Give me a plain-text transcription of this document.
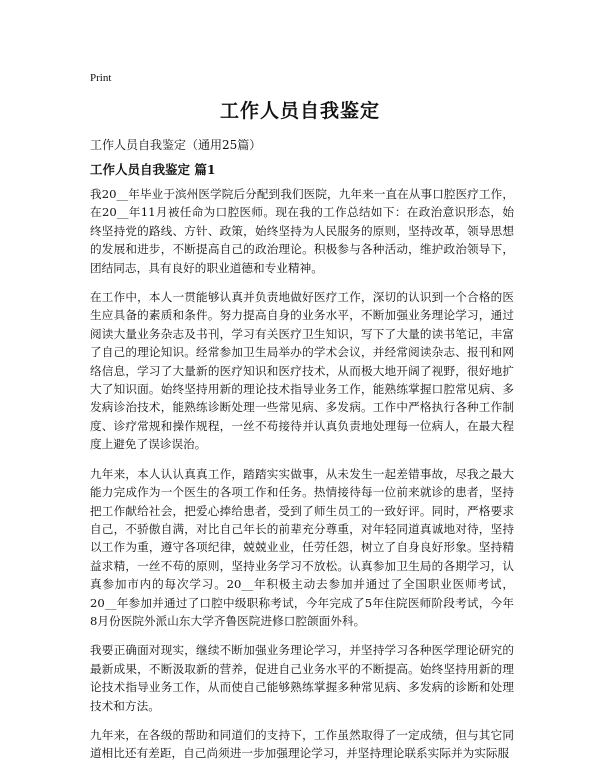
Print
工作人员自我鉴定
工作人员自我鉴定（通用25篇）
工作人员自我鉴定 篇1

我20__年毕业于滨州医学院后分配到我们医院，九年来一直在从事口腔医疗工作，在20__年11月被任命为口腔医师。现在我的工作总结如下：在政治意识形态，始终坚持党的路线、方针、政策，始终坚持为人民服务的原则，坚持改革，领导思想的发展和进步，不断提高自己的政治理论。积极参与各种活动，维护政治领导下，团结同志，具有良好的职业道德和专业精神。

在工作中，本人一贯能够认真并负责地做好医疗工作，深切的认识到一个合格的医生应具备的素质和条件。努力提高自身的业务水平，不断加强业务理论学习，通过阅读大量业务杂志及书刊，学习有关医疗卫生知识，写下了大量的读书笔记，丰富了自己的理论知识。经常参加卫生局举办的学术会议，并经常阅读杂志、报刊和网络信息，学习了大量新的医疗知识和医疗技术，从而极大地开阔了视野，很好地扩大了知识面。始终坚持用新的理论技术指导业务工作，能熟练掌握口腔常见病、多发病诊治技术，能熟练诊断处理一些常见病、多发病。工作中严格执行各种工作制度、诊疗常规和操作规程，一丝不苟接待并认真负责地处理每一位病人，在最大程度上避免了误诊误治。

九年来，本人认认真真工作，踏踏实实做事，从未发生一起差错事故，尽我之最大能力完成作为一个医生的各项工作和任务。热情接待每一位前来就诊的患者，坚持把工作献给社会，把爱心捧给患者，受到了师生员工的一致好评。同时，严格要求自己，不骄傲自满，对比自己年长的前辈充分尊重，对年轻同道真诚地对待，坚持以工作为重，遵守各项纪律，兢兢业业，任劳任怨，树立了自身良好形象。坚持精益求精，一丝不苟的原则，坚持业务学习不放松。认真参加卫生局的各期学习，认真参加市内的每次学习。20__年积极主动去参加并通过了全国职业医师考试，20__年参加并通过了口腔中级职称考试，今年完成了5年住院医师阶段考试，今年8月份医院外派山东大学齐鲁医院进修口腔颌面外科。

我要正确面对现实，继续不断加强业务理论学习，并坚持学习各种医学理论研究的最新成果，不断汲取新的营养，促进自己业务水平的不断提高。始终坚持用新的理论技术指导业务工作，从而使自己能够熟练掌握多种常见病、多发病的诊断和处理技术和方法。

九年来，在各级的帮助和同道们的支持下，工作虽然取得了一定成绩，但与其它同道相比还有差距，自己尚须进一步加强理论学习，并坚持理论联系实际并为实际服
